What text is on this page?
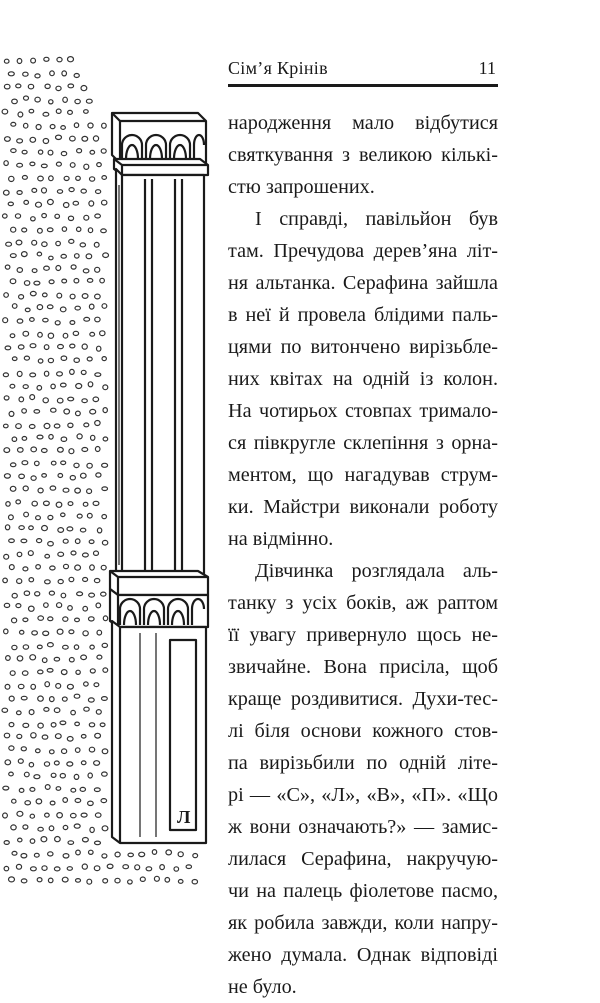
Сім’я Крінів	11
Л
народження мало відбутися
святкування з великою кількі-
стю запрошених.
І справді, павільйон був
там. Пречудова дерев’яна літ-
ня альтанка. Серафина зайшла
в неї й провела блідими паль-
цями по витончено вирізьбле-
них квітах на одній із колон.
На чотирьох стовпах трималo-
ся півкругле склепіння з орна-
ментом, що нагадував струм-
ки. Майстри виконали роботу
на відмінно.
Дівчинка розглядала аль-
танку з усіх боків, аж раптом
її увагу привернуло щось не-
звичайне. Вона присіла, щоб
краще роздивитися. Духи-тес-
лі біля основи кожного стов-
па вирізьбили по одній літе-
рі — «С», «Л», «В», «П». «Що
ж вони означають?» — замис-
лилася Серафина, накручую-
чи на палець фіолетове пасмо,
як робила завжди, коли напру-
жено думала. Однак відповіді
не було.
